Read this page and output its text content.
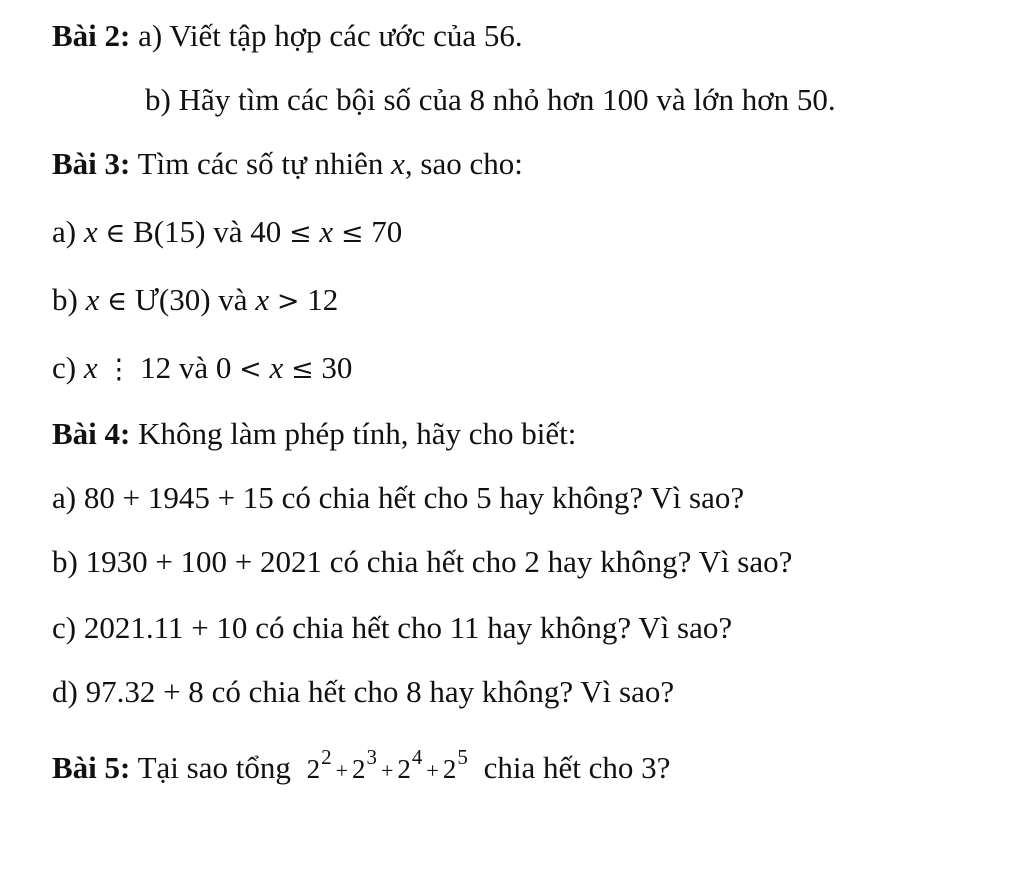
Bài 2: a) Viết tập hợp các ước của 56.
b) Hãy tìm các bội số của 8 nhỏ hơn 100 và lớn hơn 50.
Bài 3: Tìm các số tự nhiên x, sao cho:
a) x ∈ B(15) và 40 ≤ x ≤ 70
b) x ∈ Ư(30) và x > 12
c) x ⋮ 12 và 0 < x ≤ 30
Bài 4: Không làm phép tính, hãy cho biết:
a) 80 + 1945 + 15 có chia hết cho 5 hay không? Vì sao?
b) 1930 + 100 + 2021 có chia hết cho 2 hay không? Vì sao?
c) 2021.11 + 10 có chia hết cho 11 hay không? Vì sao?
d) 97.32 + 8 có chia hết cho 8 hay không? Vì sao?
Bài 5: Tại sao tổng $2^2+ 2^3+ 2^4+ 2^5$ chia hết cho 3?
